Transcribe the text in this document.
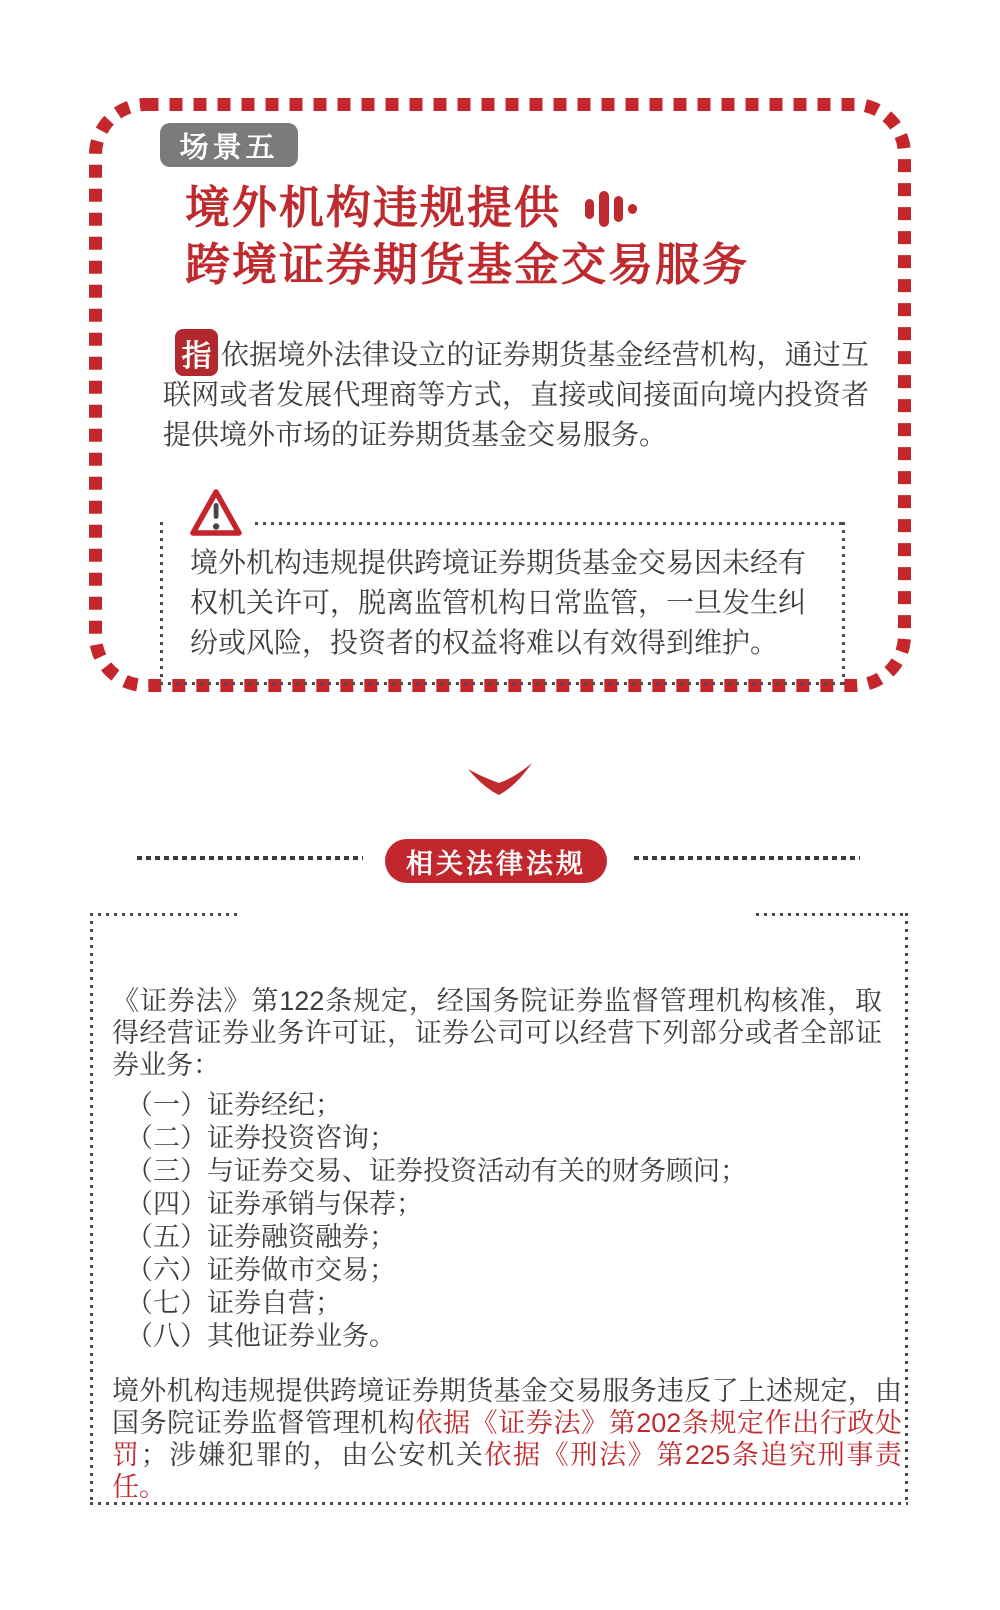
场景五
境外机构违规提供
跨境证券期货基金交易服务
指 依据境外法律设立的证券期货基金经营机构，通过互联网或者发展代理商等方式，直接或间接面向境内投资者提供境外市场的证券期货基金交易服务。
境外机构违规提供跨境证券期货基金交易因未经有权机关许可，脱离监管机构日常监管，一旦发生纠纷或风险，投资者的权益将难以有效得到维护。
相关法律法规
《证券法》第122条规定，经国务院证券监督管理机构核准，取得经营证券业务许可证，证券公司可以经营下列部分或者全部证券业务：
（一）证券经纪；
（二）证券投资咨询；
（三）与证券交易、证券投资活动有关的财务顾问；
（四）证券承销与保荐；
（五）证券融资融券；
（六）证券做市交易；
（七）证券自营；
（八）其他证券业务。
境外机构违规提供跨境证券期货基金交易服务违反了上述规定，由国务院证券监督管理机构依据《证券法》第202条规定作出行政处罚；涉嫌犯罪的，由公安机关依据《刑法》第225条追究刑事责任。
